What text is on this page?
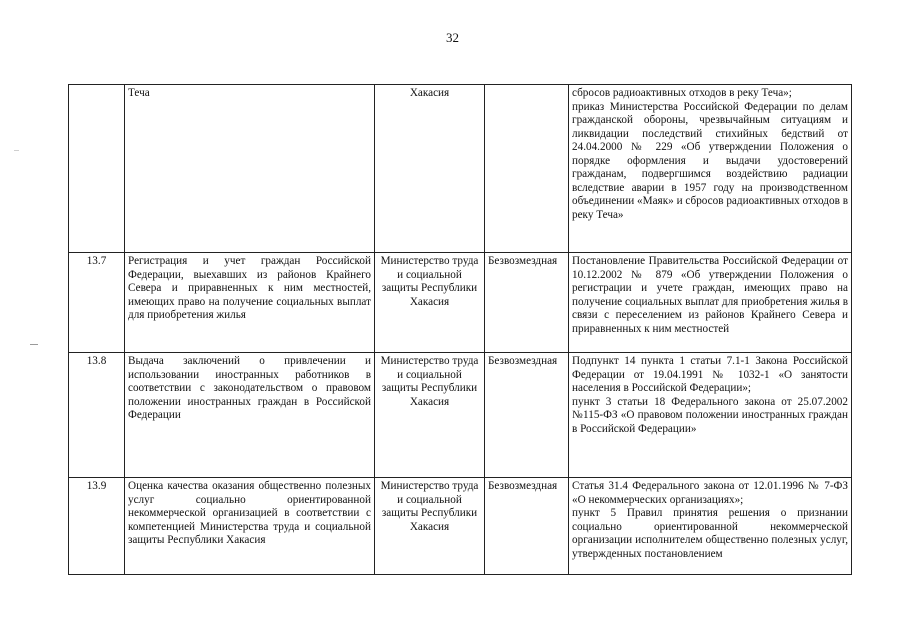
32
	Теча	Хакасия		сбросов радиоактивных отходов в реку Теча»;
приказ Министерства Российской Федерации по делам гражданской обороны, чрезвычайным ситуациям и ликвидации последствий стихийных бедствий от 24.04.2000 № 229 «Об утверждении Положения о порядке оформления и выдачи удостоверений гражданам, подвергшимся воздействию радиации вследствие аварии в 1957 году на производственном объединении «Маяк» и сбросов радиоактивных отходов в реку Теча»

13.7	Регистрация и учет граждан Российской Федерации, выехавших из районов Крайнего Севера и приравненных к ним местностей, имеющих право на получение социальных выплат для приобретения жилья	Министерство труда и социальной защиты Республики Хакасия	Безвозмездная	Постановление Правительства Российской Федерации от 10.12.2002 № 879 «Об утверждении Положения о регистрации и учете граждан, имеющих право на получение социальных выплат для приобретения жилья в связи с переселением из районов Крайнего Севера и приравненных к ним местностей

13.8	Выдача заключений о привлечении и использовании иностранных работников в соответствии с законодательством о правовом положении иностранных граждан в Российской Федерации	Министерство труда и социальной защиты Республики Хакасия	Безвозмездная	Подпункт 14 пункта 1 статьи 7.1-1 Закона Российской Федерации от 19.04.1991 № 1032-1 «О занятости населения в Российской Федерации»;
пункт 3 статьи 18 Федерального закона от 25.07.2002 №115-ФЗ «О правовом положении иностранных граждан в Российской Федерации»

13.9	Оценка качества оказания общественно полезных услуг социально ориентированной некоммерческой организацией в соответствии с компетенцией Министерства труда и социальной защиты Республики Хакасия	Министерство труда и социальной защиты Республики Хакасия	Безвозмездная	Статья 31.4 Федерального закона от 12.01.1996 № 7-ФЗ «О некоммерческих организациях»;
пункт 5 Правил принятия решения о признании социально ориентированной некоммерческой организации исполнителем общественно полезных услуг, утвержденных постановлением
